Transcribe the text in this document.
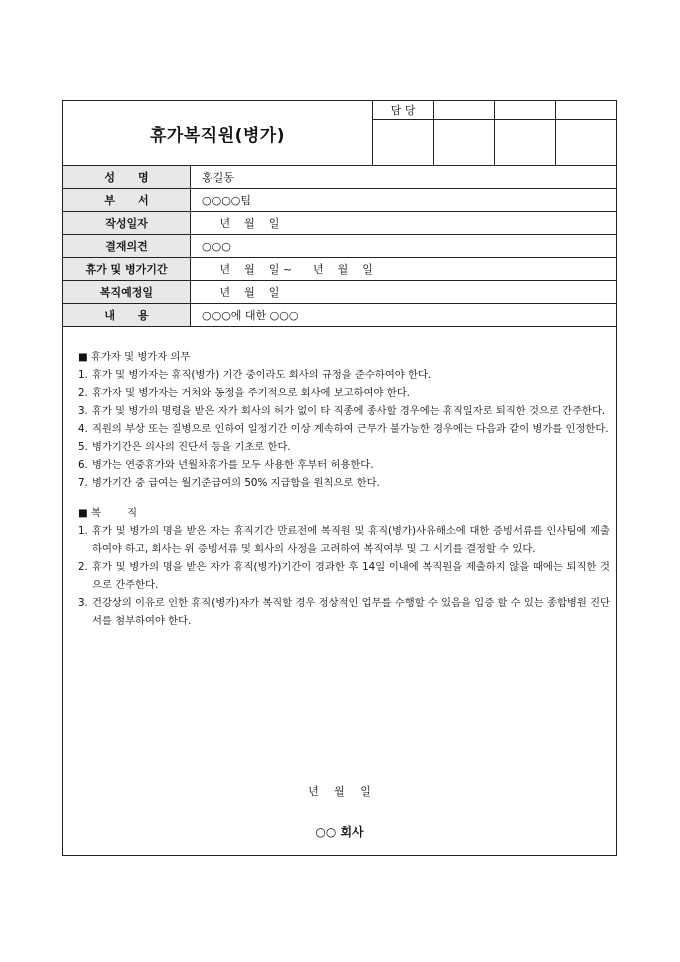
휴가복직원(병가)
담 당			

성      명	홍길동
부      서	○○○○팀
작성일자	년    월    일
결재의견	○○○
휴가 및 병가기간	년    월    일 ~      년    월    일
복직예정일	년    월    일
내      용	○○○에 대한 ○○○
■ 휴가자 및 병가자 의무
1. 휴가 및 병가자는 휴직(병가) 기간 중이라도 회사의 규정을 준수하여야 한다.
2. 휴가자 및 병가자는 거처와 동정을 주기적으로 회사에 보고하여야 한다.
3. 휴가 및 병가의 명령을 받은 자가 회사의 허가 없이 타 직종에 종사할 경우에는 휴직일자로 퇴직한 것으로 간주한다.
4. 직원의 부상 또는 질병으로 인하여 일정기간 이상 계속하여 근무가 불가능한 경우에는 다음과 같이 병가를 인정한다.
5. 병가기간은 의사의 진단서 등을 기초로 한다.
6. 병가는 연중휴가와 년월차휴가를 모두 사용한 후부터 허용한다.
7. 병가기간 중 급여는 월기준급여의 50% 지급함을 원칙으로 한다.
■ 복        직
1. 휴가 및 병가의 명을 받은 자는 휴직기간 만료전에 복직원 및 휴직(병가)사유해소에 대한 증빙서류를 인사팀에 제출하여야 하고, 회사는 위 증빙서류 및 회사의 사정을 고려하여 복직여부 및 그 시기를 결정할 수 있다.
2. 휴가 및 병가의 명을 받은 자가 휴직(병가)기간이 경과한 후 14일 이내에 복직원을 제출하지 않을 때에는 퇴직한 것으로 간주한다.
3. 건강상의 이유로 인한 휴직(병가)자가 복직할 경우 정상적인 업무를 수행할 수 있음을 입증 할 수 있는 종합병원 진단서를 첨부하여야 한다.
년 월 일
○○ 회사
